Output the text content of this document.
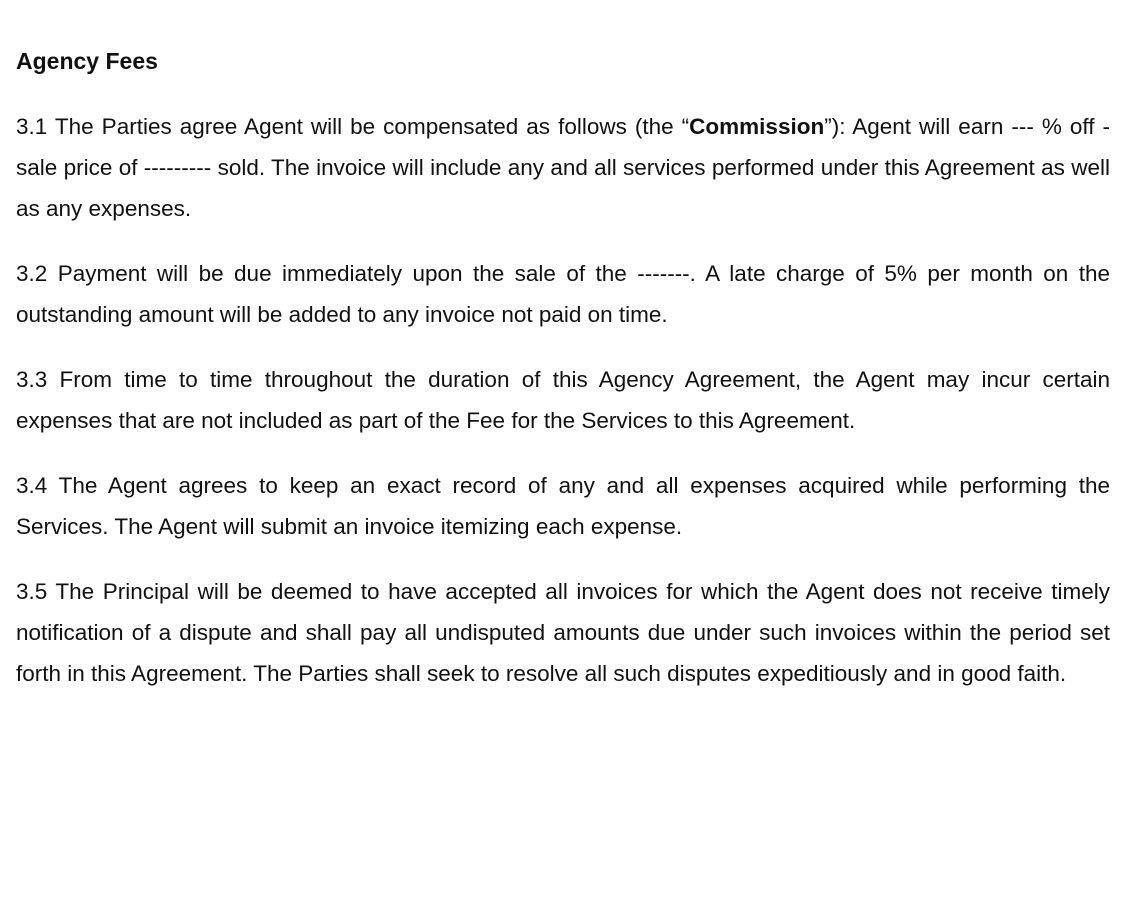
Agency Fees

3.1 The Parties agree Agent will be compensated as follows (the “Commission”): Agent will earn --- % off - sale price of --------- sold. The invoice will include any and all services performed under this Agreement as well as any expenses.

3.2 Payment will be due immediately upon the sale of the -------. A late charge of 5% per month on the outstanding amount will be added to any invoice not paid on time.

3.3 From time to time throughout the duration of this Agency Agreement, the Agent may incur certain expenses that are not included as part of the Fee for the Services to this Agreement.

3.4 The Agent agrees to keep an exact record of any and all expenses acquired while performing the Services. The Agent will submit an invoice itemizing each expense.

3.5 The Principal will be deemed to have accepted all invoices for which the Agent does not receive timely notification of a dispute and shall pay all undisputed amounts due under such invoices within the period set forth in this Agreement. The Parties shall seek to resolve all such disputes expeditiously and in good faith.
